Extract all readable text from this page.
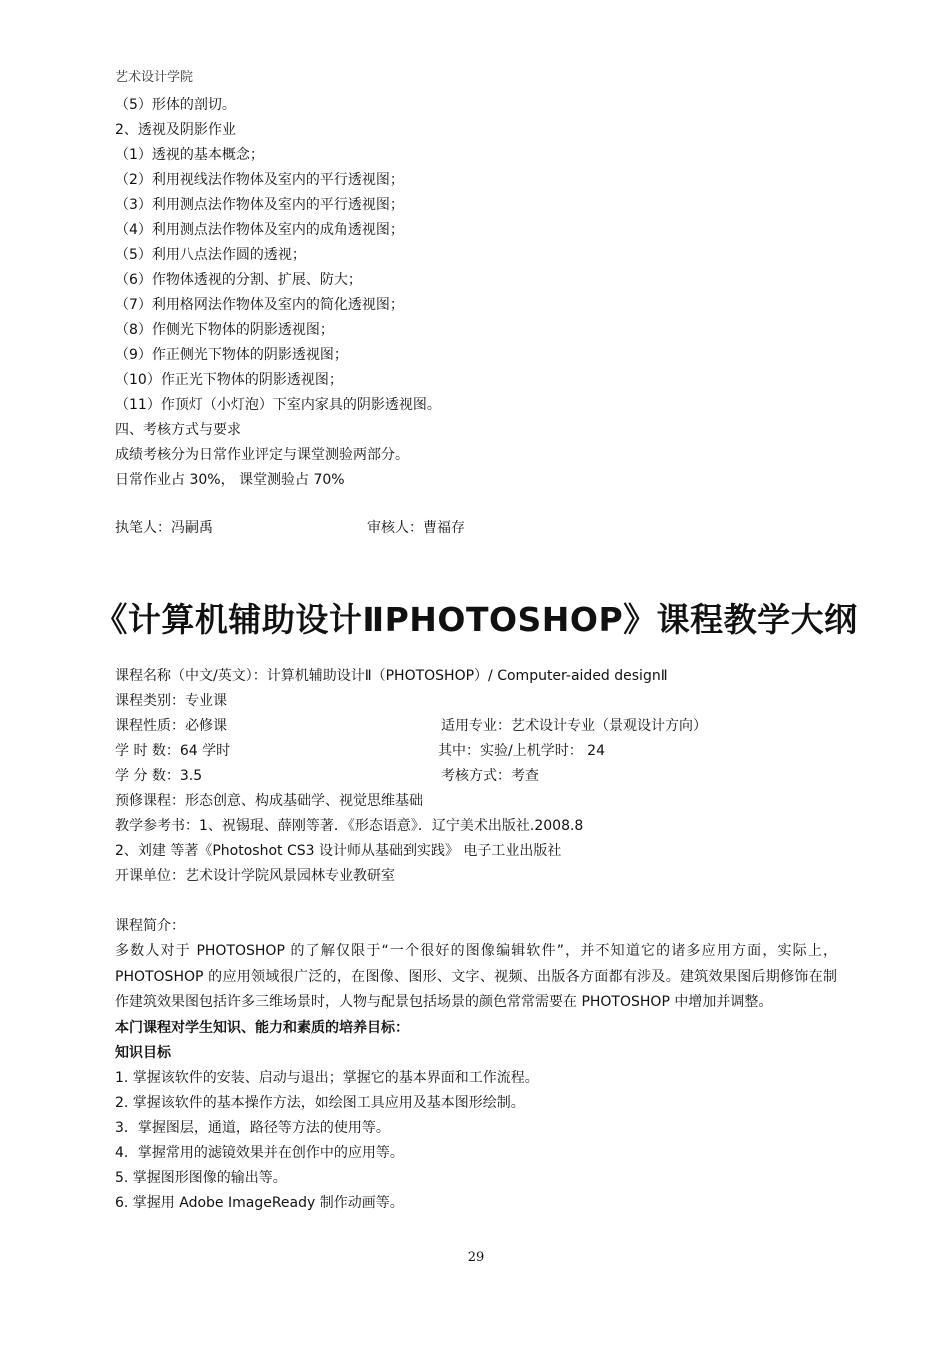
艺术设计学院
（5）形体的剖切。
2、透视及阴影作业
（1）透视的基本概念；
（2）利用视线法作物体及室内的平行透视图；
（3）利用测点法作物体及室内的平行透视图；
（4）利用测点法作物体及室内的成角透视图；
（5）利用八点法作圆的透视；
（6）作物体透视的分割、扩展、防大；
（7）利用格网法作物体及室内的简化透视图；
（8）作侧光下物体的阴影透视图；
（9）作正侧光下物体的阴影透视图；
（10）作正光下物体的阴影透视图；
（11）作顶灯（小灯泡）下室内家具的阴影透视图。
四、考核方式与要求
成绩考核分为日常作业评定与课堂测验两部分。
日常作业占 30%， 课堂测验占 70%
执笔人：冯嗣禹	审核人：曹福存
《计算机辅助设计ⅡPHOTOSHOP》课程教学大纲
课程名称（中文/英文）：计算机辅助设计Ⅱ（PHOTOSHOP）/ Computer-aided designⅡ
课程类别：专业课
课程性质：必修课	适用专业：艺术设计专业（景观设计方向）
学 时 数：64 学时	其中：实验/上机学时： 24
学 分 数：3.5	考核方式：考查
预修课程：形态创意、构成基础学、视觉思维基础
教学参考书：1、祝锡琨、薛刚等著．《形态语意》．辽宁美术出版社.2008.8
2、刘建 等著《Photoshot CS3 设计师从基础到实践》 电子工业出版社
开课单位：艺术设计学院风景园林专业教研室
课程简介：
多数人对于 PHOTOSHOP 的了解仅限于“一个很好的图像编辑软件”，并不知道它的诸多应用方面，实际上，PHOTOSHOP 的应用领域很广泛的，在图像、图形、文字、视频、出版各方面都有涉及。建筑效果图后期修饰在制作建筑效果图包括许多三维场景时，人物与配景包括场景的颜色常常需要在 PHOTOSHOP 中增加并调整。
本门课程对学生知识、能力和素质的培养目标：
知识目标
1. 掌握该软件的安装、启动与退出；掌握它的基本界面和工作流程。
2. 掌握该软件的基本操作方法，如绘图工具应用及基本图形绘制。
3．掌握图层，通道，路径等方法的使用等。
4．掌握常用的滤镜效果并在创作中的应用等。
5. 掌握图形图像的输出等。
6. 掌握用 Adobe ImageReady 制作动画等。
29
